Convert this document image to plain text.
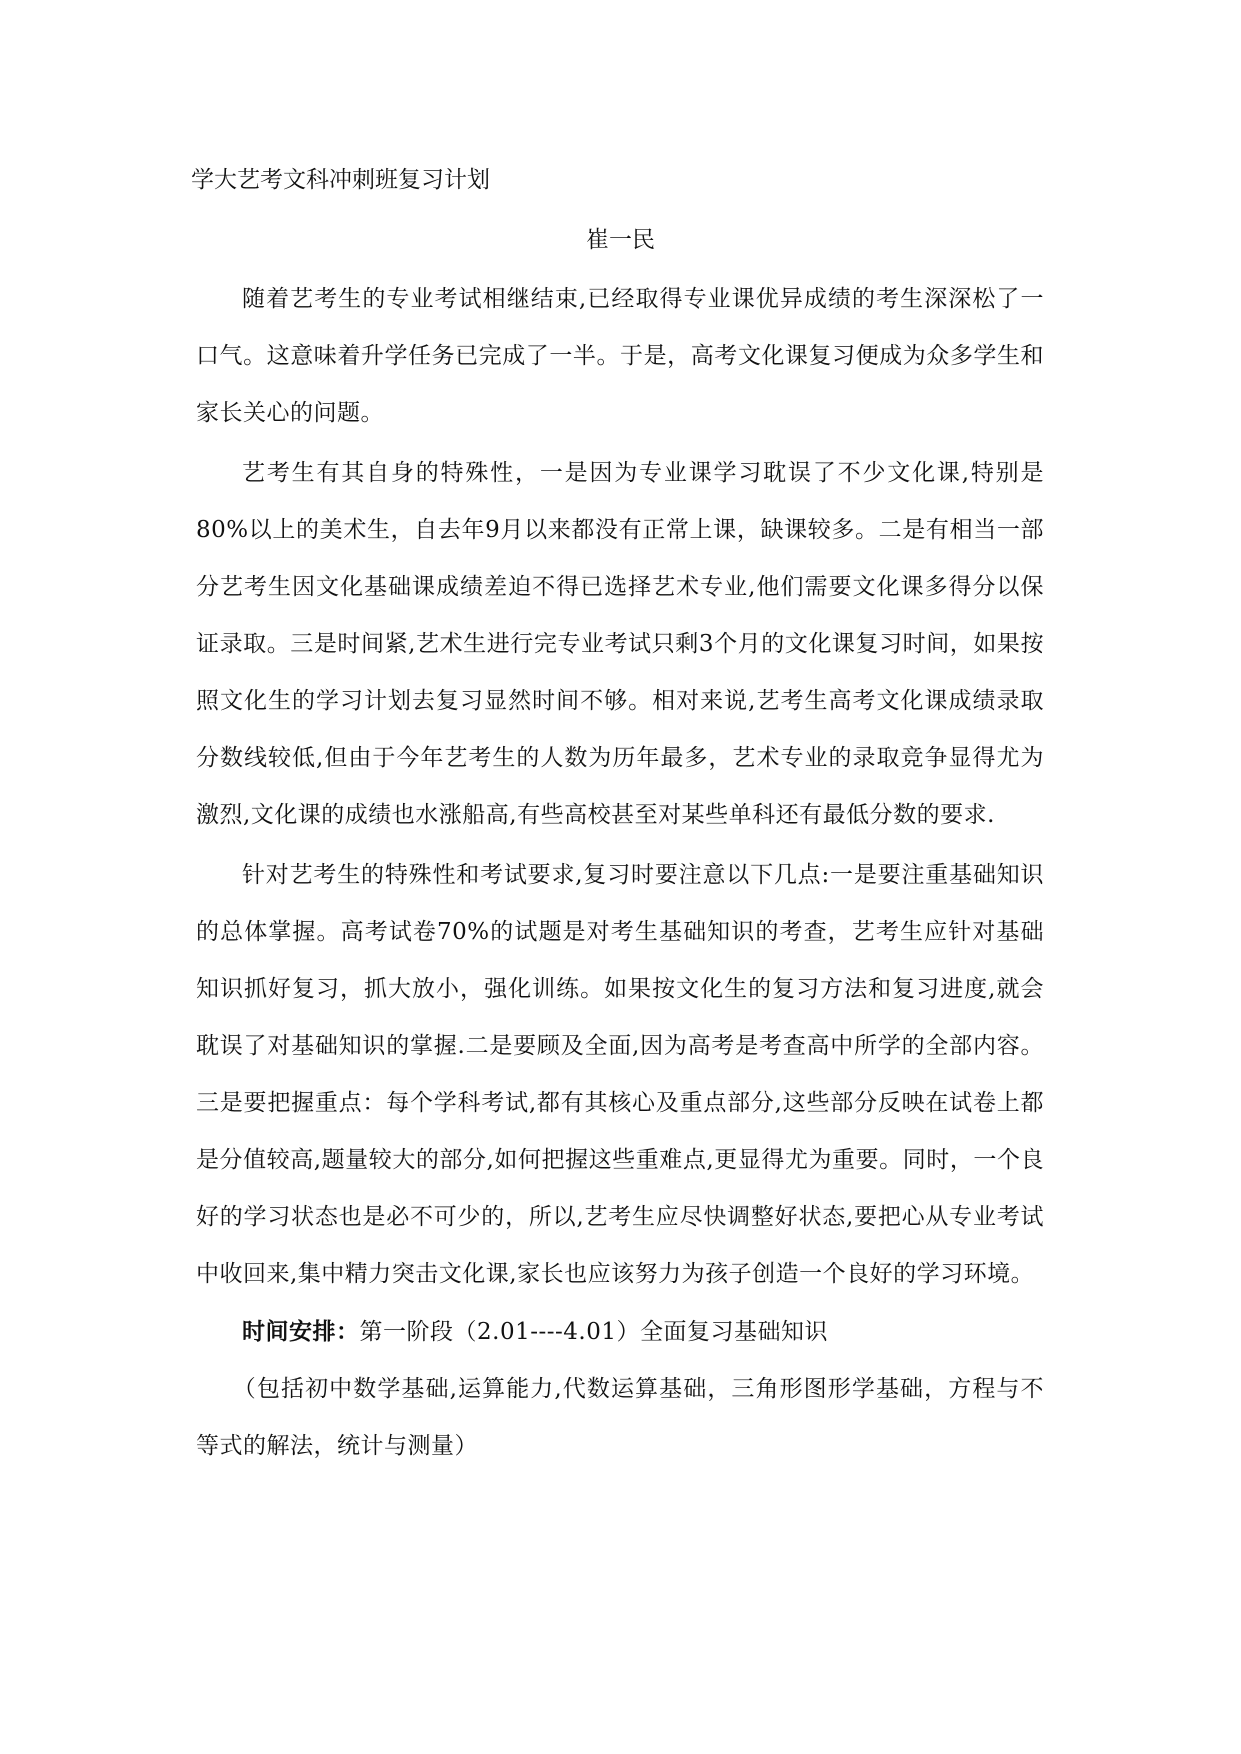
学大艺考文科冲刺班复习计划

崔一民

随着艺考生的专业考试相继结束,已经取得专业课优异成绩的考生深深松了一口气。这意味着升学任务已完成了一半。于是，高考文化课复习便成为众多学生和家长关心的问题。

艺考生有其自身的特殊性，一是因为专业课学习耽误了不少文化课,特别是80%以上的美术生，自去年9月以来都没有正常上课，缺课较多。二是有相当一部分艺考生因文化基础课成绩差迫不得已选择艺术专业,他们需要文化课多得分以保证录取。三是时间紧,艺术生进行完专业考试只剩3个月的文化课复习时间，如果按照文化生的学习计划去复习显然时间不够。相对来说,艺考生高考文化课成绩录取分数线较低,但由于今年艺考生的人数为历年最多，艺术专业的录取竞争显得尤为激烈,文化课的成绩也水涨船高,有些高校甚至对某些单科还有最低分数的要求.

针对艺考生的特殊性和考试要求,复习时要注意以下几点:一是要注重基础知识的总体掌握。高考试卷70%的试题是对考生基础知识的考查，艺考生应针对基础知识抓好复习，抓大放小，强化训练。如果按文化生的复习方法和复习进度,就会耽误了对基础知识的掌握.二是要顾及全面,因为高考是考查高中所学的全部内容。三是要把握重点：每个学科考试,都有其核心及重点部分,这些部分反映在试卷上都是分值较高,题量较大的部分,如何把握这些重难点,更显得尤为重要。同时，一个良好的学习状态也是必不可少的，所以,艺考生应尽快调整好状态,要把心从专业考试中收回来,集中精力突击文化课,家长也应该努力为孩子创造一个良好的学习环境。

时间安排：第一阶段（2.01----4.01）全面复习基础知识

（包括初中数学基础,运算能力,代数运算基础，三角形图形学基础，方程与不等式的解法，统计与测量）
